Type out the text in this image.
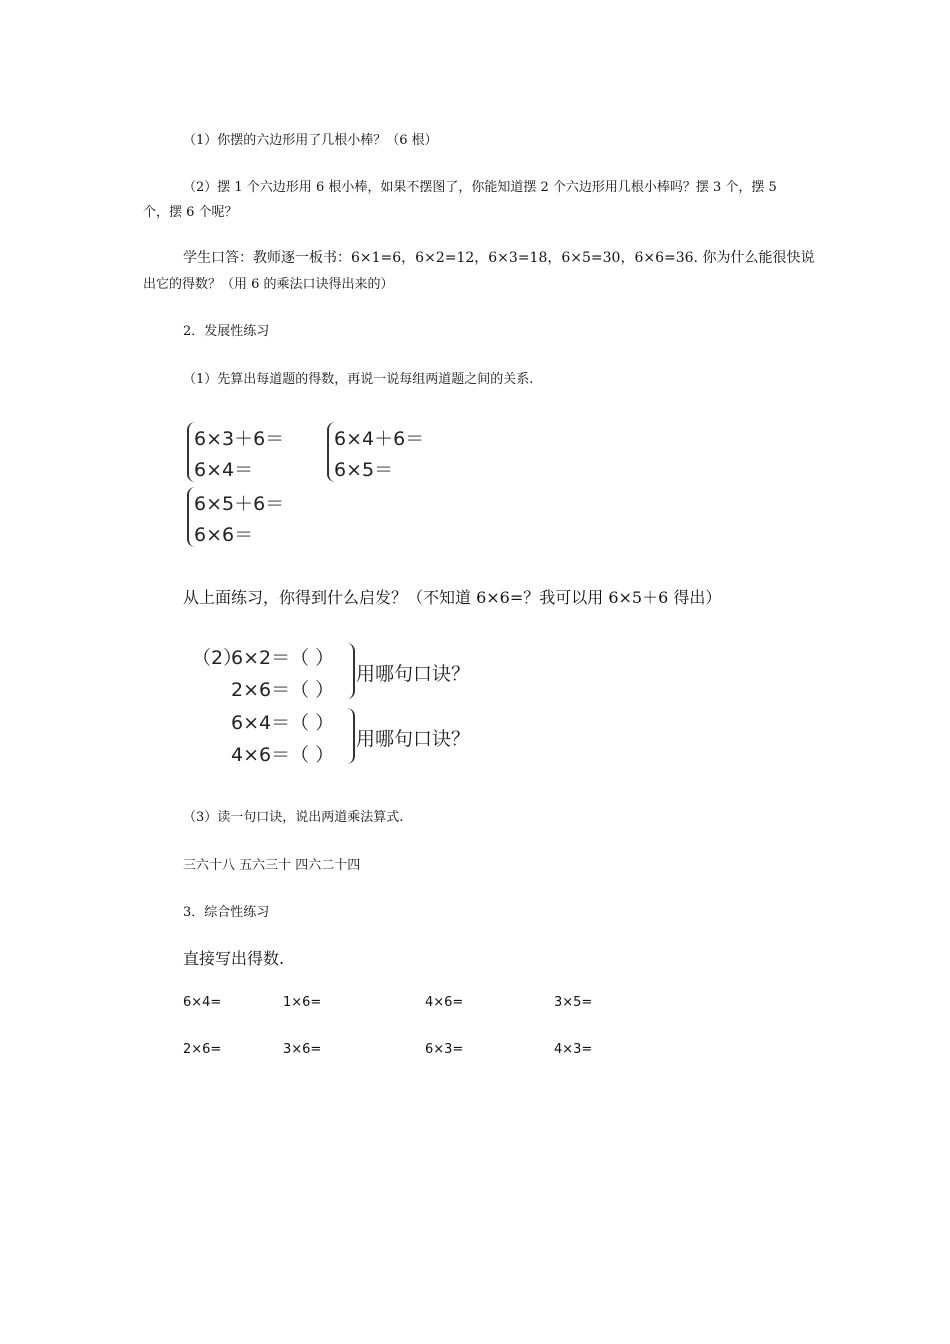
（1）你摆的六边形用了几根小棒？（6 根）
（2）摆 1 个六边形用 6 根小棒，如果不摆图了，你能知道摆 2 个六边形用几根小棒吗？摆 3 个，摆 5
个，摆 6 个呢？
学生口答：教师逐一板书：6×1=6，6×2=12，6×3=18，6×5=30，6×6=36. 你为什么能很快说
出它的得数？（用 6 的乘法口诀得出来的）
2．发展性练习
（1）先算出每道题的得数，再说一说每组两道题之间的关系.
6×3＋6＝
6×4＝
6×4＋6＝
6×5＝
6×5＋6＝
6×6＝
从上面练习，你得到什么启发？（不知道 6×6=？我可以用 6×5＋6 得出）
（2）
6×2＝（ ）
2×6＝（ ）
用哪句口诀？
6×4＝（ ）
4×6＝（ ）
用哪句口诀？
（3）读一句口诀，说出两道乘法算式.
三六十八 五六三十 四六二十四
3．综合性练习
直接写出得数.
6×4=	1×6=	4×6=	3×5=
2×6=	3×6=	6×3=	4×3=
